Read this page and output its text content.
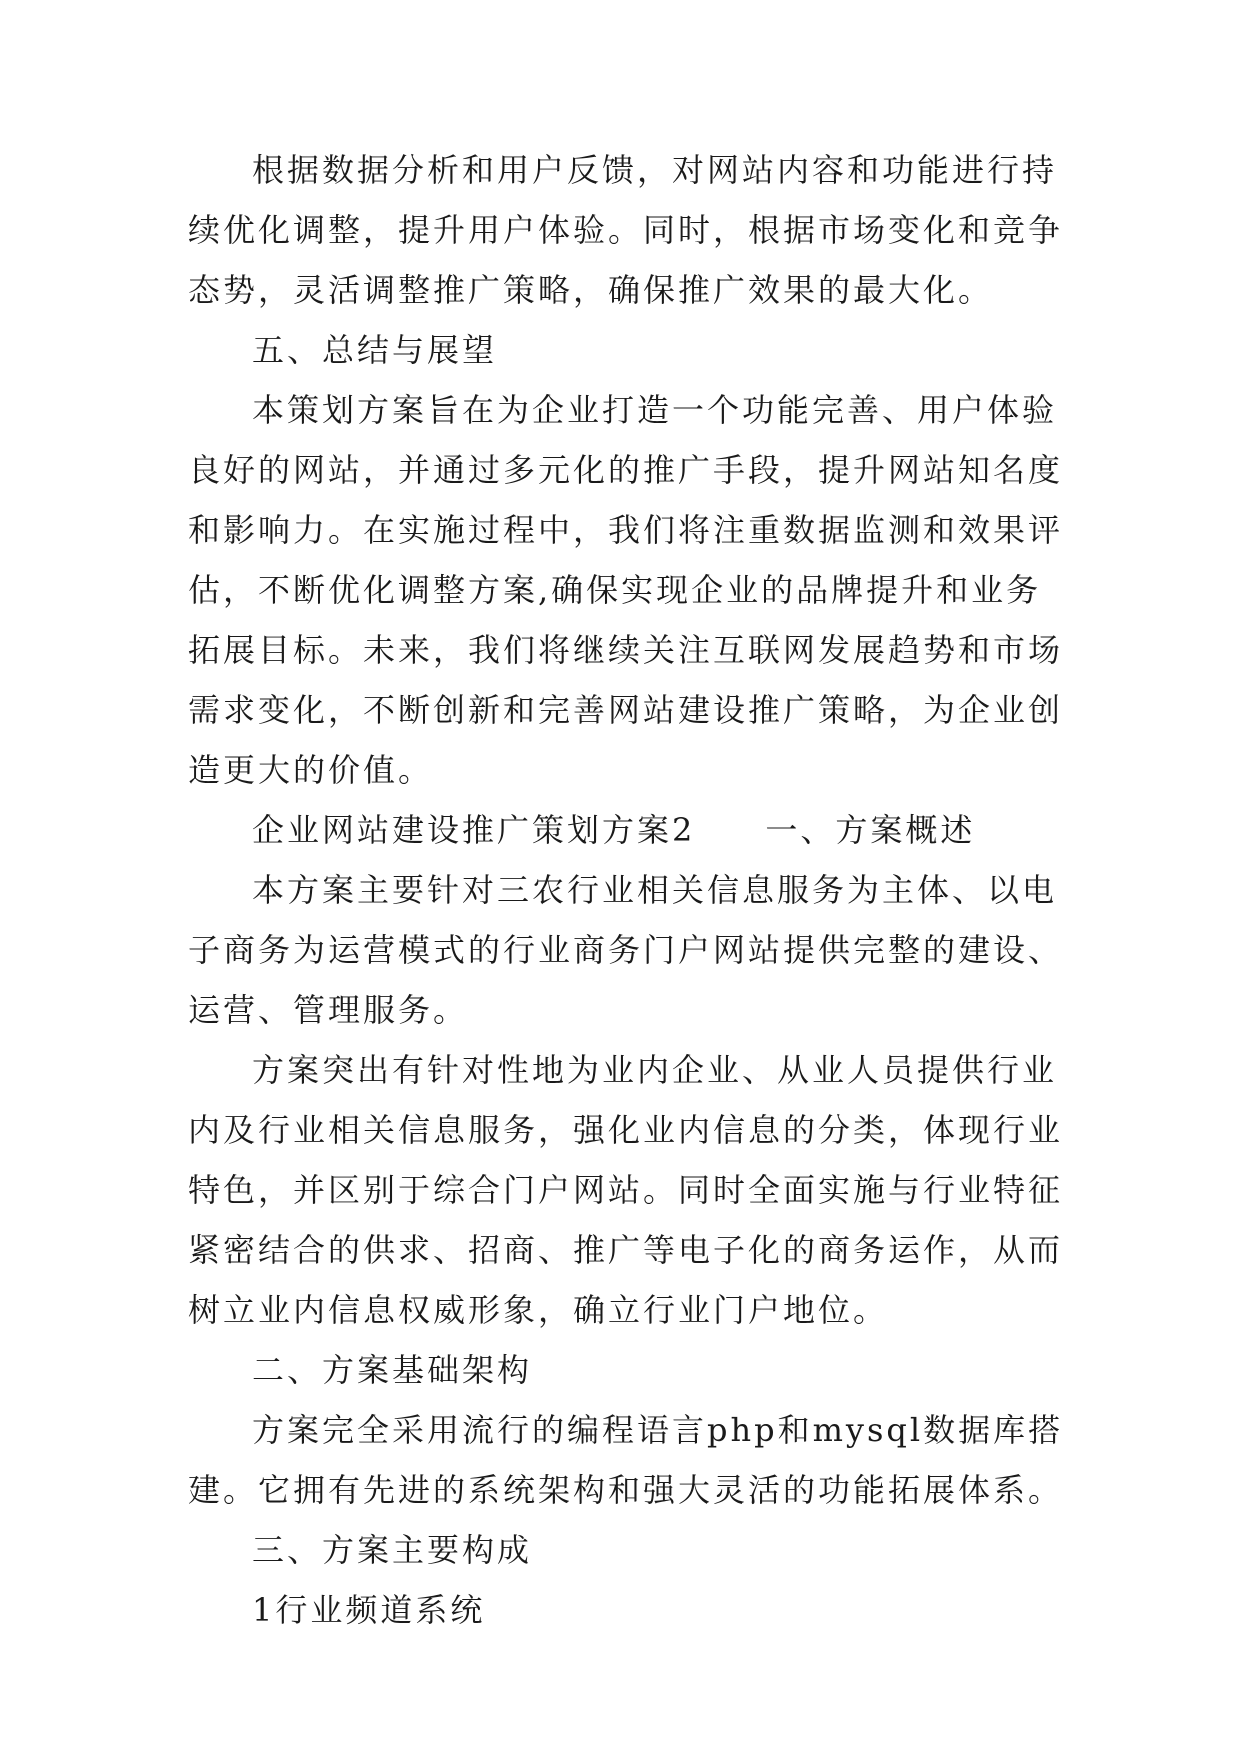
根据数据分析和用户反馈，对网站内容和功能进行持续优化调整，提升用户体验。同时，根据市场变化和竞争态势，灵活调整推广策略，确保推广效果的最大化。

五、总结与展望

本策划方案旨在为企业打造一个功能完善、用户体验良好的网站，并通过多元化的推广手段，提升网站知名度和影响力。在实施过程中，我们将注重数据监测和效果评估，不断优化调整方案,确保实现企业的品牌提升和业务拓展目标。未来，我们将继续关注互联网发展趋势和市场需求变化，不断创新和完善网站建设推广策略，为企业创造更大的价值。

企业网站建设推广策划方案2　　一、方案概述

本方案主要针对三农行业相关信息服务为主体、以电子商务为运营模式的行业商务门户网站提供完整的建设、运营、管理服务。

方案突出有针对性地为业内企业、从业人员提供行业内及行业相关信息服务，强化业内信息的分类，体现行业特色，并区别于综合门户网站。同时全面实施与行业特征紧密结合的供求、招商、推广等电子化的商务运作，从而树立业内信息权威形象，确立行业门户地位。

二、方案基础架构

方案完全采用流行的编程语言php和mysql数据库搭建。它拥有先进的系统架构和强大灵活的功能拓展体系。

三、方案主要构成

1行业频道系统
